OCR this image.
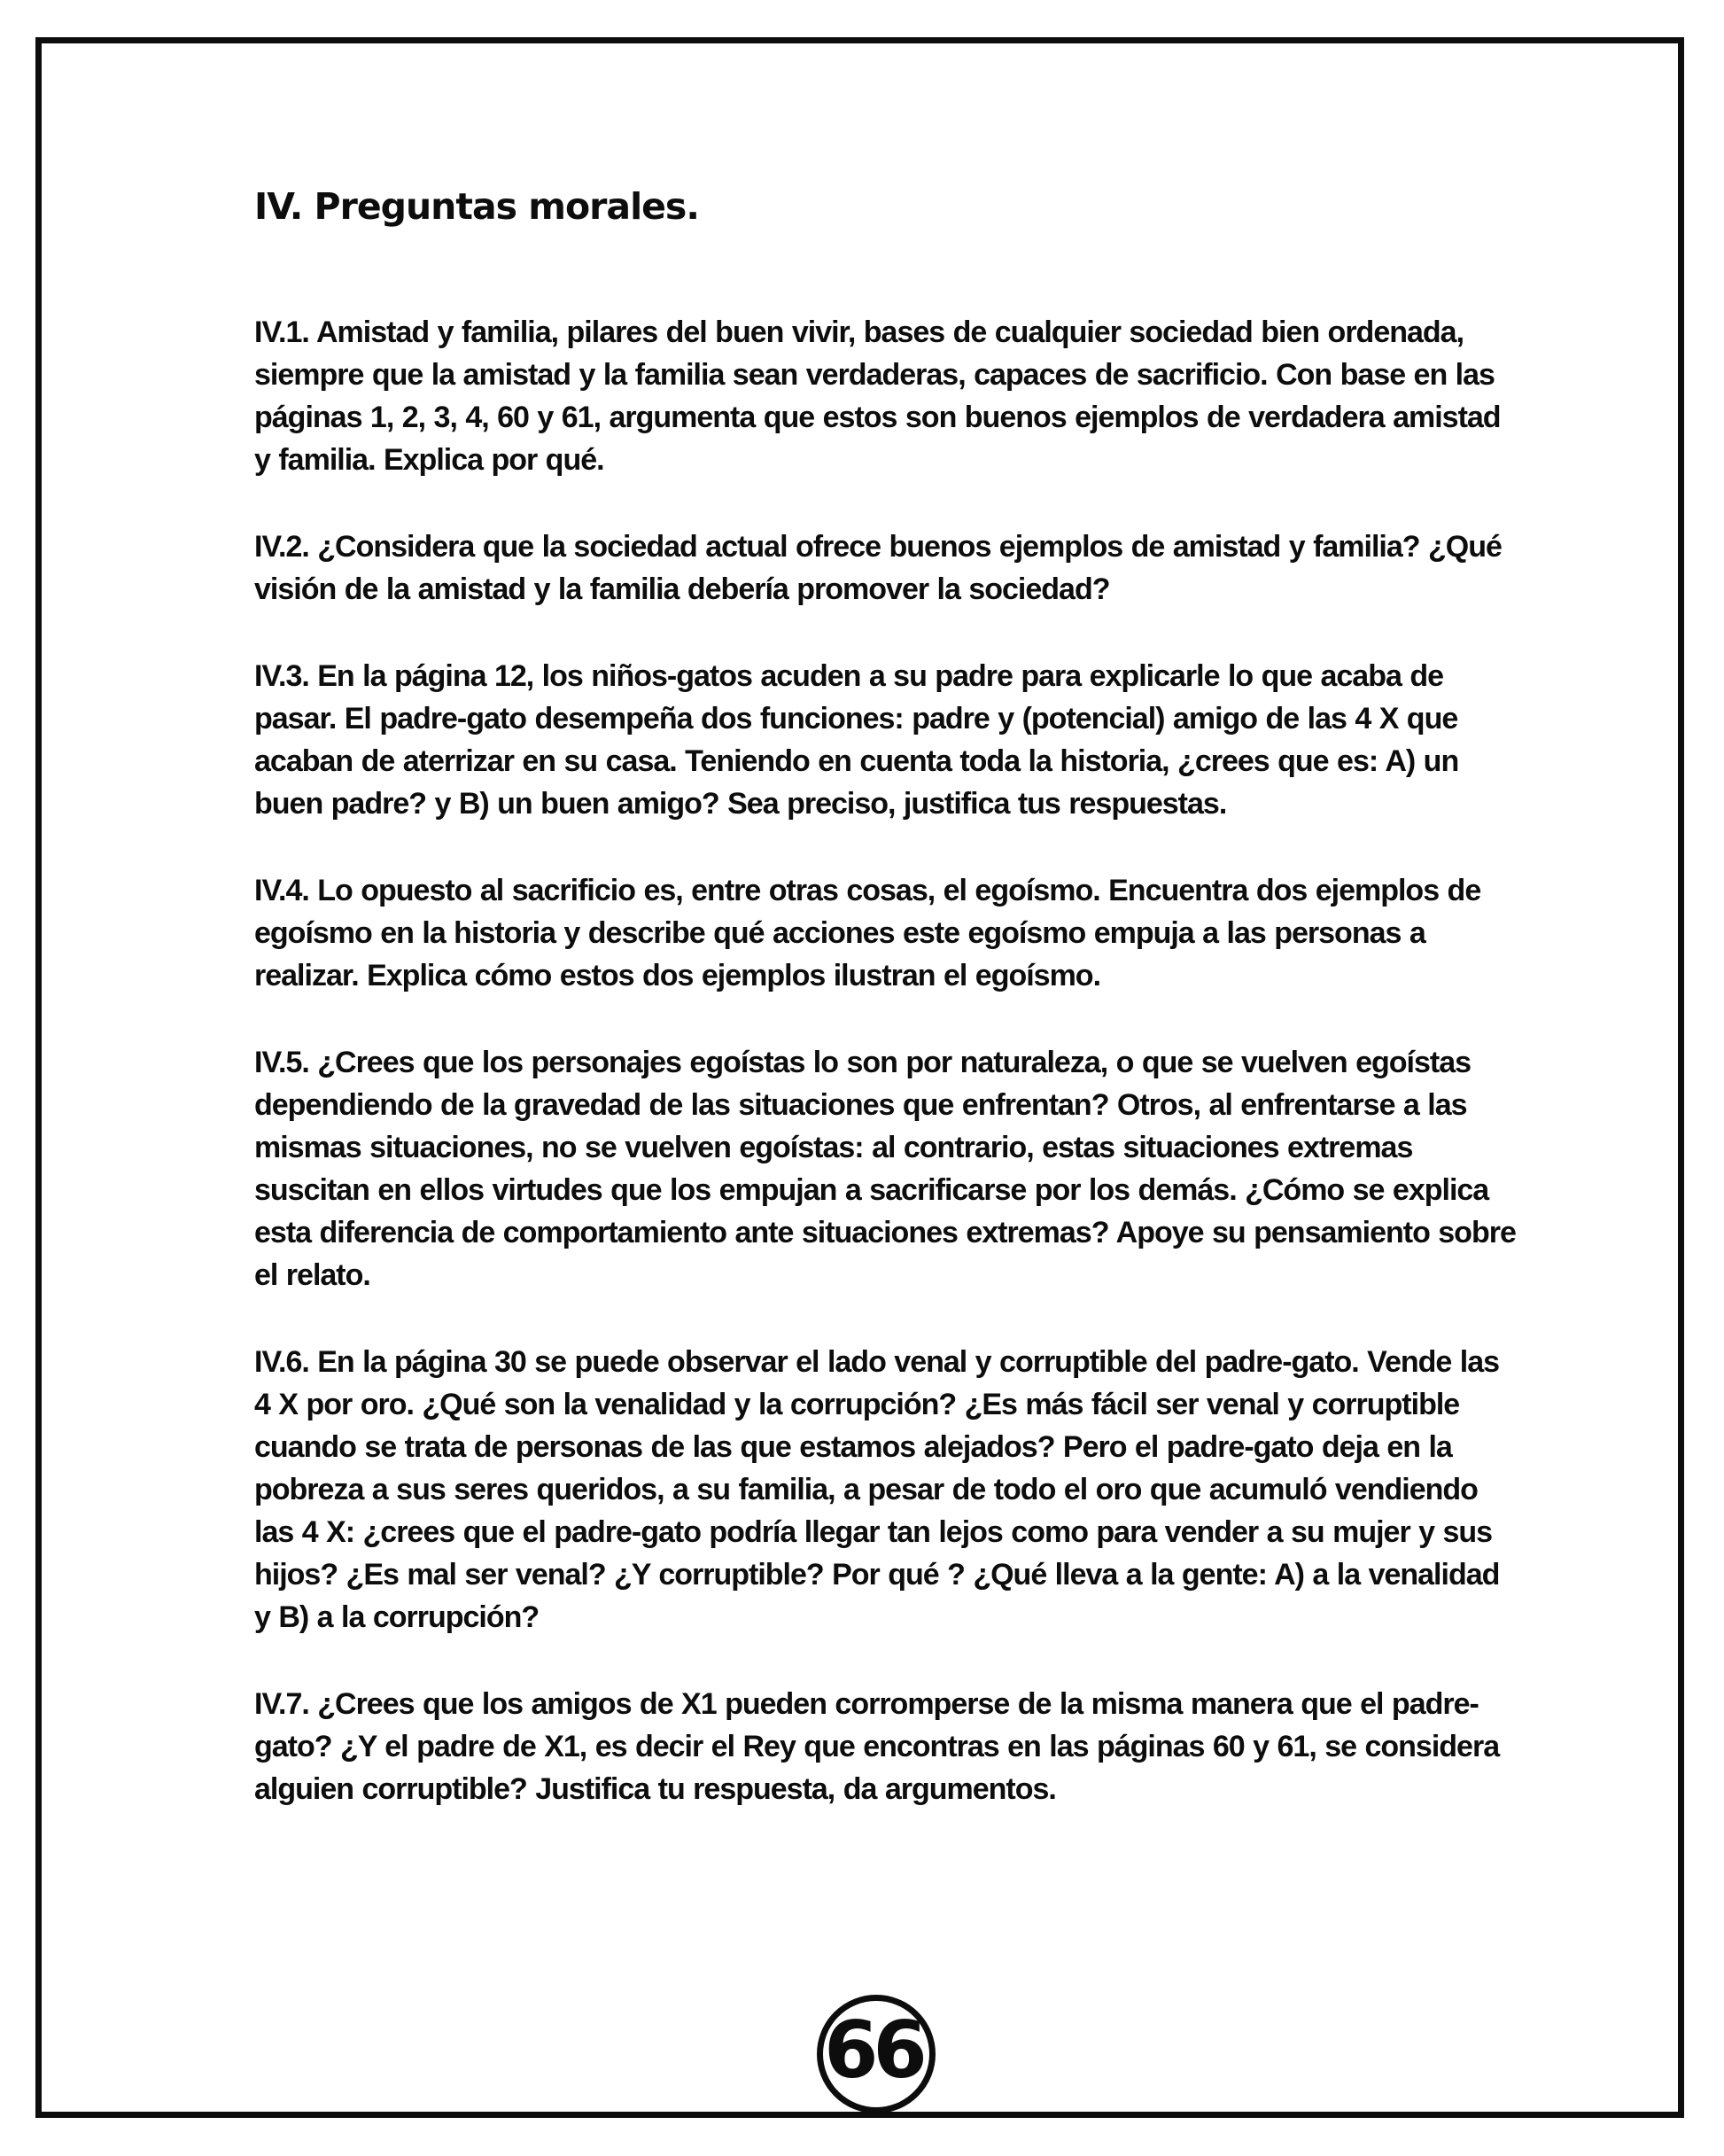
IV. Preguntas morales.

IV.1. Amistad y familia, pilares del buen vivir, bases de cualquier sociedad bien ordenada, siempre que la amistad y la familia sean verdaderas, capaces de sacrificio. Con base en las páginas 1, 2, 3, 4, 60 y 61, argumenta que estos son buenos ejemplos de verdadera amistad y familia. Explica por qué.

IV.2. ¿Considera que la sociedad actual ofrece buenos ejemplos de amistad y familia? ¿Qué visión de la amistad y la familia debería promover la sociedad?

IV.3. En la página 12, los niños-gatos acuden a su padre para explicarle lo que acaba de pasar. El padre-gato desempeña dos funciones: padre y (potencial) amigo de las 4 X que acaban de aterrizar en su casa. Teniendo en cuenta toda la historia, ¿crees que es: A) un buen padre? y B) un buen amigo? Sea preciso, justifica tus respuestas.

IV.4. Lo opuesto al sacrificio es, entre otras cosas, el egoísmo. Encuentra dos ejemplos de egoísmo en la historia y describe qué acciones este egoísmo empuja a las personas a realizar. Explica cómo estos dos ejemplos ilustran el egoísmo.

IV.5. ¿Crees que los personajes egoístas lo son por naturaleza, o que se vuelven egoístas dependiendo de la gravedad de las situaciones que enfrentan? Otros, al enfrentarse a las mismas situaciones, no se vuelven egoístas: al contrario, estas situaciones extremas suscitan en ellos virtudes que los empujan a sacrificarse por los demás. ¿Cómo se explica esta diferencia de comportamiento ante situaciones extremas? Apoye su pensamiento sobre el relato.

IV.6. En la página 30 se puede observar el lado venal y corruptible del padre-gato. Vende las 4 X por oro. ¿Qué son la venalidad y la corrupción? ¿Es más fácil ser venal y corruptible cuando se trata de personas de las que estamos alejados? Pero el padre-gato deja en la pobreza a sus seres queridos, a su familia, a pesar de todo el oro que acumuló vendiendo las 4 X: ¿crees que el padre-gato podría llegar tan lejos como para vender a su mujer y sus hijos? ¿Es mal ser venal? ¿Y corruptible? Por qué ? ¿Qué lleva a la gente: A) a la venalidad y B) a la corrupción?

IV.7. ¿Crees que los amigos de X1 pueden corromperse de la misma manera que el padre-gato? ¿Y el padre de X1, es decir el Rey que encontras en las páginas 60 y 61, se considera alguien corruptible? Justifica tu respuesta, da argumentos.

66
